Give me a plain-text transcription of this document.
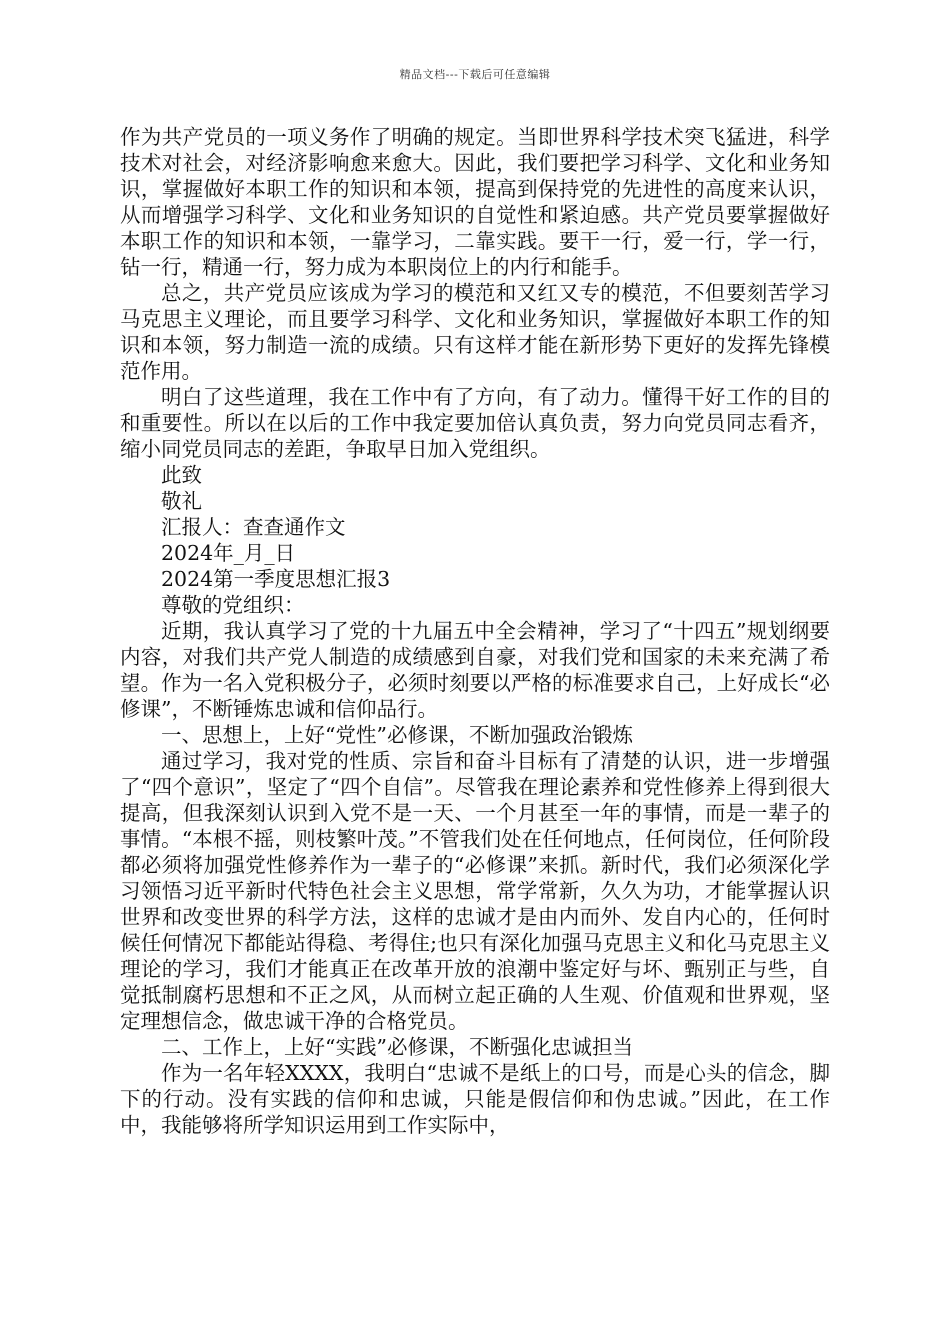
精品文档---下载后可任意编辑

作为共产党员的一项义务作了明确的规定。当即世界科学技术突飞猛进，科学技术对社会，对经济影响愈来愈大。因此，我们要把学习科学、文化和业务知识，掌握做好本职工作的知识和本领，提高到保持党的先进性的高度来认识，从而增强学习科学、文化和业务知识的自觉性和紧迫感。共产党员要掌握做好本职工作的知识和本领，一靠学习，二靠实践。要干一行，爱一行，学一行，钻一行，精通一行，努力成为本职岗位上的内行和能手。

总之，共产党员应该成为学习的模范和又红又专的模范，不但要刻苦学习马克思主义理论，而且要学习科学、文化和业务知识，掌握做好本职工作的知识和本领，努力制造一流的成绩。只有这样才能在新形势下更好的发挥先锋模范作用。

明白了这些道理，我在工作中有了方向，有了动力。懂得干好工作的目的和重要性。所以在以后的工作中我定要加倍认真负责，努力向党员同志看齐，缩小同党员同志的差距，争取早日加入党组织。

此致

敬礼

汇报人：查查通作文

2024年_月_日

2024第一季度思想汇报3

尊敬的党组织：

近期，我认真学习了党的十九届五中全会精神，学习了“十四五”规划纲要内容，对我们共产党人制造的成绩感到自豪，对我们党和国家的未来充满了希望。作为一名入党积极分子，必须时刻要以严格的标准要求自己，上好成长“必修课”，不断锤炼忠诚和信仰品行。

一、思想上，上好“党性”必修课，不断加强政治锻炼

通过学习，我对党的性质、宗旨和奋斗目标有了清楚的认识，进一步增强了“四个意识”，坚定了“四个自信”。尽管我在理论素养和党性修养上得到很大提高，但我深刻认识到入党不是一天、一个月甚至一年的事情，而是一辈子的事情。“本根不摇，则枝繁叶茂。”不管我们处在任何地点，任何岗位，任何阶段都必须将加强党性修养作为一辈子的“必修课”来抓。新时代，我们必须深化学习领悟习近平新时代特色社会主义思想，常学常新，久久为功，才能掌握认识世界和改变世界的科学方法，这样的忠诚才是由内而外、发自内心的，任何时候任何情况下都能站得稳、考得住;也只有深化加强马克思主义和化马克思主义理论的学习，我们才能真正在改革开放的浪潮中鉴定好与坏、甄别正与些，自觉抵制腐朽思想和不正之风，从而树立起正确的人生观、价值观和世界观，坚定理想信念，做忠诚干净的合格党员。

二、工作上，上好“实践”必修课，不断强化忠诚担当

作为一名年轻XXXX，我明白“忠诚不是纸上的口号，而是心头的信念，脚下的行动。没有实践的信仰和忠诚，只能是假信仰和伪忠诚。”因此，在工作中，我能够将所学知识运用到工作实际中，
